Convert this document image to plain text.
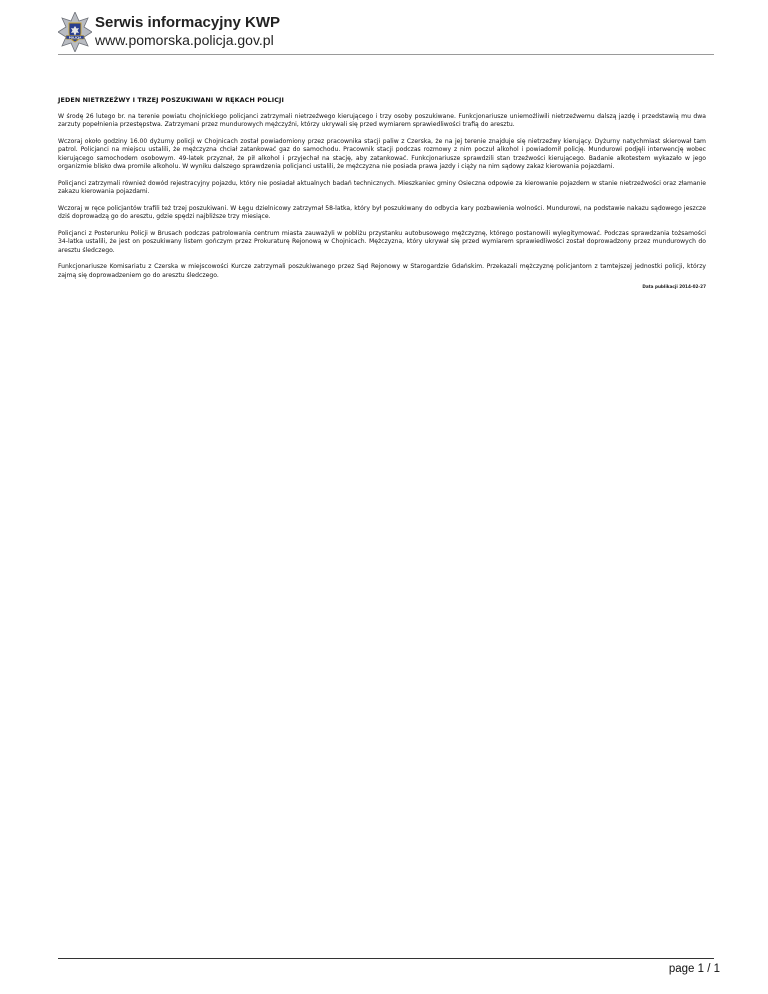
POLICJA
Serwis informacyjny KWP
www.pomorska.policja.gov.pl
JEDEN NIETRZEŹWY I TRZEJ POSZUKIWANI W RĘKACH POLICJI

W środę 26 lutego br. na terenie powiatu chojnickiego policjanci zatrzymali nietrzeźwego kierującego i trzy osoby poszukiwane. Funkcjonariusze uniemożliwili nietrzeźwemu dalszą jazdę i przedstawią mu dwa zarzuty popełnienia przestępstwa. Zatrzymani przez mundurowych mężczyźni, którzy ukrywali się przed wymiarem sprawiedliwości trafią do aresztu.

Wczoraj około godziny 16.00 dyżurny policji w Chojnicach został powiadomiony przez pracownika stacji paliw z Czerska, że na jej terenie znajduje się nietrzeźwy kierujący. Dyżurny natychmiast skierował tam patrol. Policjanci na miejscu ustalili, że mężczyzna chciał zatankować gaz do samochodu. Pracownik stacji podczas rozmowy z nim poczuł alkohol i powiadomił policję. Mundurowi podjęli interwencję wobec kierującego samochodem osobowym. 49-latek przyznał, że pił alkohol i przyjechał na stację, aby zatankować. Funkcjonariusze sprawdzili stan trzeźwości kierującego. Badanie alkotestem wykazało w jego organizmie blisko dwa promile alkoholu. W wyniku dalszego sprawdzenia policjanci ustalili, że mężczyzna nie posiada prawa jazdy i ciąży na nim sądowy zakaz kierowania pojazdami.

Policjanci zatrzymali również dowód rejestracyjny pojazdu, który nie posiadał aktualnych badań technicznych. Mieszkaniec gminy Osieczna odpowie za kierowanie pojazdem w stanie nietrzeźwości oraz złamanie zakazu kierowania pojazdami.

Wczoraj w ręce policjantów trafili też trzej poszukiwani. W Łęgu dzielnicowy zatrzymał 58-latka, który był poszukiwany do odbycia kary pozbawienia wolności. Mundurowi, na podstawie nakazu sądowego jeszcze dziś doprowadzą go do aresztu, gdzie spędzi najbliższe trzy miesiące.

Policjanci z Posterunku Policji w Brusach podczas patrolowania centrum miasta zauważyli w pobliżu przystanku autobusowego mężczyznę, którego postanowili wylegitymować. Podczas sprawdzania tożsamości 34-latka ustalili, że jest on poszukiwany listem gończym przez Prokuraturę Rejonową w Chojnicach. Mężczyzna, który ukrywał się przed wymiarem sprawiedliwości został doprowadzony przez mundurowych do aresztu śledczego.

Funkcjonariusze Komisariatu z Czerska w miejscowości Kurcze zatrzymali poszukiwanego przez Sąd Rejonowy w Starogardzie Gdańskim. Przekazali mężczyznę policjantom z tamtejszej jednostki policji, którzy zajmą się doprowadzeniem go do aresztu śledczego.

Data publikacji 2014-02-27
page 1 / 1
